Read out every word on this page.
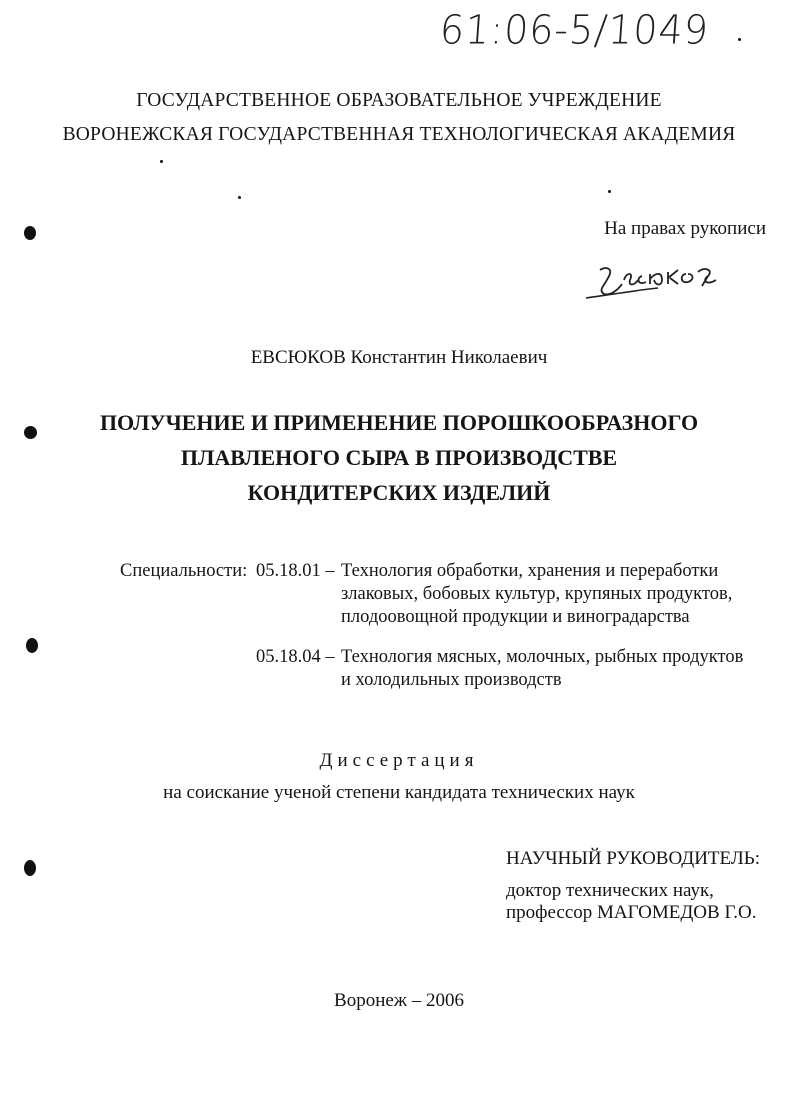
61:06-5/1049
ГОСУДАРСТВЕННОЕ ОБРАЗОВАТЕЛЬНОЕ УЧРЕЖДЕНИЕ
ВОРОНЕЖСКАЯ ГОСУДАРСТВЕННАЯ ТЕХНОЛОГИЧЕСКАЯ АКАДЕМИЯ
На правах рукописи
ЕВСЮКОВ Константин Николаевич
ПОЛУЧЕНИЕ И ПРИМЕНЕНИЕ ПОРОШКООБРАЗНОГО
ПЛАВЛЕНОГО СЫРА В ПРОИЗВОДСТВЕ
КОНДИТЕРСКИХ ИЗДЕЛИЙ
Специальности: 05.18.01 – Технология обработки, хранения и переработки
злаковых, бобовых культур, крупяных продуктов,
плодоовощной продукции и виноградарства
05.18.04 – Технология мясных, молочных, рыбных продуктов
и холодильных производств
Диссертация
на соискание ученой степени кандидата технических наук
НАУЧНЫЙ РУКОВОДИТЕЛЬ:
доктор технических наук,
профессор МАГОМЕДОВ Г.О.
Воронеж – 2006
